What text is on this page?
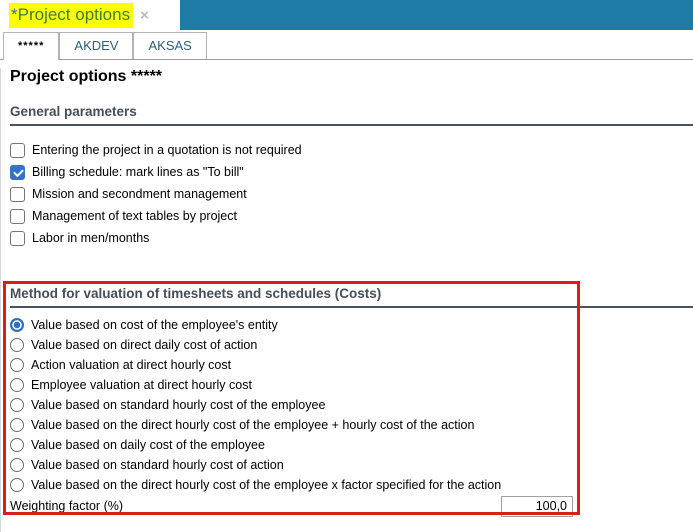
*Project options ×
*****	AKDEV	AKSAS
Project options *****
General parameters
Entering the project in a quotation is not required
Billing schedule: mark lines as "To bill"
Mission and secondment management
Management of text tables by project
Labor in men/months
Method for valuation of timesheets and schedules (Costs)
Value based on cost of the employee's entity
Value based on direct daily cost of action
Action valuation at direct hourly cost
Employee valuation at direct hourly cost
Value based on standard hourly cost of the employee
Value based on the direct hourly cost of the employee + hourly cost of the action
Value based on daily cost of the employee
Value based on standard hourly cost of action
Value based on the direct hourly cost of the employee x factor specified for the action
Weighting factor (%)
100,0
